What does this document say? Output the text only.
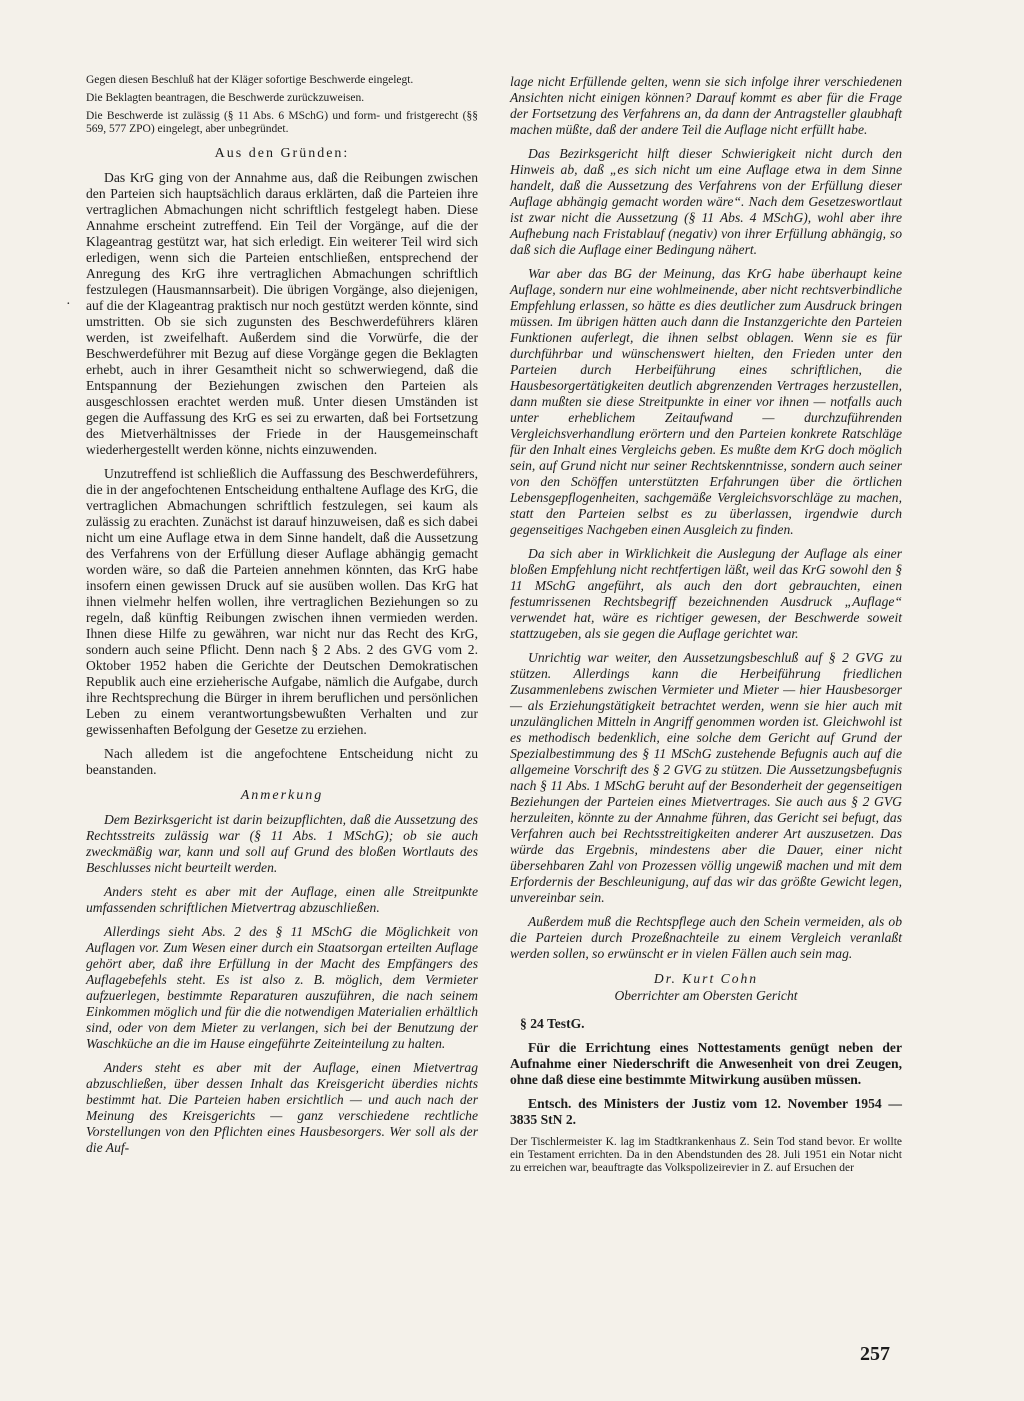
Gegen diesen Beschluß hat der Kläger sofortige Beschwerde eingelegt.

Die Beklagten beantragen, die Beschwerde zurückzuweisen.

Die Beschwerde ist zulässig (§ 11 Abs. 6 MSchG) und form- und fristgerecht (§§ 569, 577 ZPO) eingelegt, aber unbegründet.

Aus den Gründen:

Das KrG ging von der Annahme aus, daß die Reibungen zwischen den Parteien sich hauptsächlich daraus erklärten, daß die Parteien ihre vertraglichen Abmachungen nicht schriftlich festgelegt haben. Diese Annahme erscheint zutreffend. Ein Teil der Vorgänge, auf die der Klageantrag gestützt war, hat sich erledigt. Ein weiterer Teil wird sich erledigen, wenn sich die Parteien entschließen, entsprechend der Anregung des KrG ihre vertraglichen Abmachungen schriftlich festzulegen (Hausmannsarbeit). Die übrigen Vorgänge, also diejenigen, auf die der Klageantrag praktisch nur noch gestützt werden könnte, sind umstritten. Ob sie sich zugunsten des Beschwerdeführers klären werden, ist zweifelhaft. Außerdem sind die Vorwürfe, die der Beschwerdeführer mit Bezug auf diese Vorgänge gegen die Beklagten erhebt, auch in ihrer Gesamtheit nicht so schwerwiegend, daß die Entspannung der Beziehungen zwischen den Parteien als ausgeschlossen erachtet werden muß. Unter diesen Umständen ist gegen die Auffassung des KrG es sei zu erwarten, daß bei Fortsetzung des Mietverhältnisses der Friede in der Hausgemeinschaft wiederhergestellt werden könne, nichts einzuwenden.

Unzutreffend ist schließlich die Auffassung des Beschwerdeführers, die in der angefochtenen Entscheidung enthaltene Auflage des KrG, die vertraglichen Abmachungen schriftlich festzulegen, sei kaum als zulässig zu erachten. Zunächst ist darauf hinzuweisen, daß es sich dabei nicht um eine Auflage etwa in dem Sinne handelt, daß die Aussetzung des Verfahrens von der Erfüllung dieser Auflage abhängig gemacht worden wäre, so daß die Parteien annehmen könnten, das KrG habe insofern einen gewissen Druck auf sie ausüben wollen. Das KrG hat ihnen vielmehr helfen wollen, ihre vertraglichen Beziehungen so zu regeln, daß künftig Reibungen zwischen ihnen vermieden werden. Ihnen diese Hilfe zu gewähren, war nicht nur das Recht des KrG, sondern auch seine Pflicht. Denn nach § 2 Abs. 2 des GVG vom 2. Oktober 1952 haben die Gerichte der Deutschen Demokratischen Republik auch eine erzieherische Aufgabe, nämlich die Aufgabe, durch ihre Rechtsprechung die Bürger in ihrem beruflichen und persönlichen Leben zu einem verantwortungsbewußten Verhalten und zur gewissenhaften Befolgung der Gesetze zu erziehen.

Nach alledem ist die angefochtene Entscheidung nicht zu beanstanden.

Anmerkung

Dem Bezirksgericht ist darin beizupflichten, daß die Aussetzung des Rechtsstreits zulässig war (§ 11 Abs. 1 MSchG); ob sie auch zweckmäßig war, kann und soll auf Grund des bloßen Wortlauts des Beschlusses nicht beurteilt werden.

Anders steht es aber mit der Auflage, einen alle Streitpunkte umfassenden schriftlichen Mietvertrag abzuschließen.

Allerdings sieht Abs. 2 des § 11 MSchG die Möglichkeit von Auflagen vor. Zum Wesen einer durch ein Staatsorgan erteilten Auflage gehört aber, daß ihre Erfüllung in der Macht des Empfängers des Auflagebefehls steht. Es ist also z. B. möglich, dem Vermieter aufzuerlegen, bestimmte Reparaturen auszuführen, die nach seinem Einkommen möglich und für die die notwendigen Materialien erhältlich sind, oder von dem Mieter zu verlangen, sich bei der Benutzung der Waschküche an die im Hause eingeführte Zeiteinteilung zu halten.

Anders steht es aber mit der Auflage, einen Mietvertrag abzuschließen, über dessen Inhalt das Kreisgericht überdies nichts bestimmt hat. Die Parteien haben ersichtlich — und auch nach der Meinung des Kreisgerichts — ganz verschiedene rechtliche Vorstellungen von den Pflichten eines Hausbesorgers. Wer soll als der die Auf-

lage nicht Erfüllende gelten, wenn sie sich infolge ihrer verschiedenen Ansichten nicht einigen können? Darauf kommt es aber für die Frage der Fortsetzung des Verfahrens an, da dann der Antragsteller glaubhaft machen müßte, daß der andere Teil die Auflage nicht erfüllt habe.

Das Bezirksgericht hilft dieser Schwierigkeit nicht durch den Hinweis ab, daß „es sich nicht um eine Auflage etwa in dem Sinne handelt, daß die Aussetzung des Verfahrens von der Erfüllung dieser Auflage abhängig gemacht worden wäre“. Nach dem Gesetzeswortlaut ist zwar nicht die Aussetzung (§ 11 Abs. 4 MSchG), wohl aber ihre Aufhebung nach Fristablauf (negativ) von ihrer Erfüllung abhängig, so daß sich die Auflage einer Bedingung nähert.

War aber das BG der Meinung, das KrG habe überhaupt keine Auflage, sondern nur eine wohlmeinende, aber nicht rechtsverbindliche Empfehlung erlassen, so hätte es dies deutlicher zum Ausdruck bringen müssen. Im übrigen hätten auch dann die Instanzgerichte den Parteien Funktionen auferlegt, die ihnen selbst oblagen. Wenn sie es für durchführbar und wünschenswert hielten, den Frieden unter den Parteien durch Herbeiführung eines schriftlichen, die Hausbesorgertätigkeiten deutlich abgrenzenden Vertrages herzustellen, dann mußten sie diese Streitpunkte in einer vor ihnen — notfalls auch unter erheblichem Zeitaufwand — durchzuführenden Vergleichsverhandlung erörtern und den Parteien konkrete Ratschläge für den Inhalt eines Vergleichs geben. Es mußte dem KrG doch möglich sein, auf Grund nicht nur seiner Rechtskenntnisse, sondern auch seiner von den Schöffen unterstützten Erfahrungen über die örtlichen Lebensgepflogenheiten, sachgemäße Vergleichsvorschläge zu machen, statt den Parteien selbst es zu überlassen, irgendwie durch gegenseitiges Nachgeben einen Ausgleich zu finden.

Da sich aber in Wirklichkeit die Auslegung der Auflage als einer bloßen Empfehlung nicht rechtfertigen läßt, weil das KrG sowohl den § 11 MSchG angeführt, als auch den dort gebrauchten, einen festumrissenen Rechtsbegriff bezeichnenden Ausdruck „Auflage“ verwendet hat, wäre es richtiger gewesen, der Beschwerde soweit stattzugeben, als sie gegen die Auflage gerichtet war.

Unrichtig war weiter, den Aussetzungsbeschluß auf § 2 GVG zu stützen. Allerdings kann die Herbeiführung friedlichen Zusammenlebens zwischen Vermieter und Mieter — hier Hausbesorger — als Erziehungstätigkeit betrachtet werden, wenn sie hier auch mit unzulänglichen Mitteln in Angriff genommen worden ist. Gleichwohl ist es methodisch bedenklich, eine solche dem Gericht auf Grund der Spezialbestimmung des § 11 MSchG zustehende Befugnis auch auf die allgemeine Vorschrift des § 2 GVG zu stützen. Die Aussetzungsbefugnis nach § 11 Abs. 1 MSchG beruht auf der Besonderheit der gegenseitigen Beziehungen der Parteien eines Mietvertrages. Sie auch aus § 2 GVG herzuleiten, könnte zu der Annahme führen, das Gericht sei befugt, das Verfahren auch bei Rechtsstreitigkeiten anderer Art auszusetzen. Das würde das Ergebnis, mindestens aber die Dauer, einer nicht übersehbaren Zahl von Prozessen völlig ungewiß machen und mit dem Erfordernis der Beschleunigung, auf das wir das größte Gewicht legen, unvereinbar sein.

Außerdem muß die Rechtspflege auch den Schein vermeiden, als ob die Parteien durch Prozeßnachteile zu einem Vergleich veranlaßt werden sollen, so erwünscht er in vielen Fällen auch sein mag.

Dr. Kurt Cohn
Oberrichter am Obersten Gericht
§ 24 TestG.

Für die Errichtung eines Nottestaments genügt neben der Aufnahme einer Niederschrift die Anwesenheit von drei Zeugen, ohne daß diese eine bestimmte Mitwirkung ausüben müssen.

Entsch. des Ministers der Justiz vom 12. November 1954 — 3835 StN 2.

Der Tischlermeister K. lag im Stadtkrankenhaus Z. Sein Tod stand bevor. Er wollte ein Testament errichten. Da in den Abendstunden des 28. Juli 1951 ein Notar nicht zu erreichen war, beauftragte das Volkspolizeirevier in Z. auf Ersuchen der

·
257
